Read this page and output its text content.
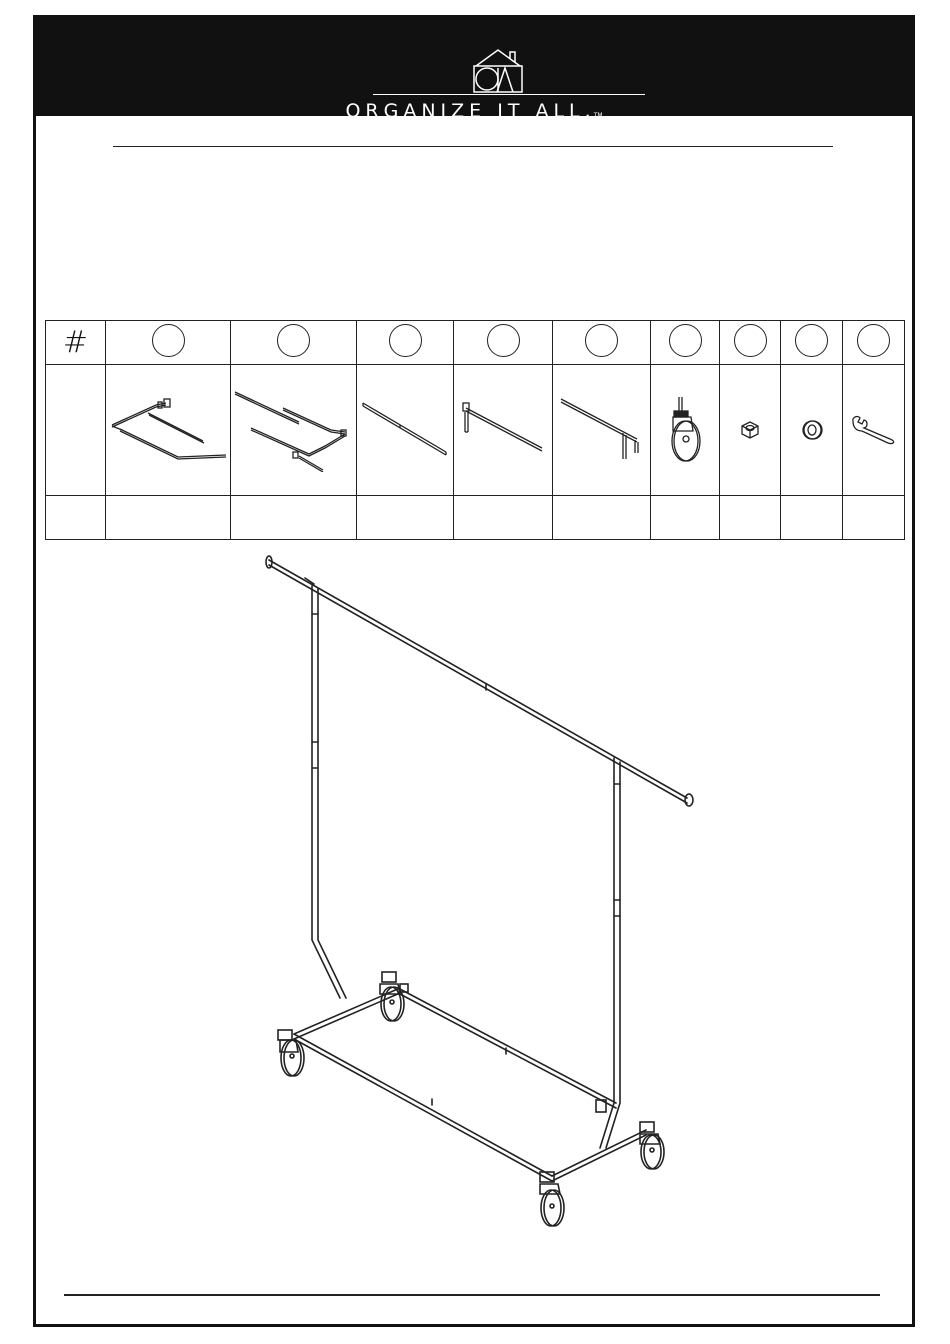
ORGANIZE IT ALL.TM
#									
